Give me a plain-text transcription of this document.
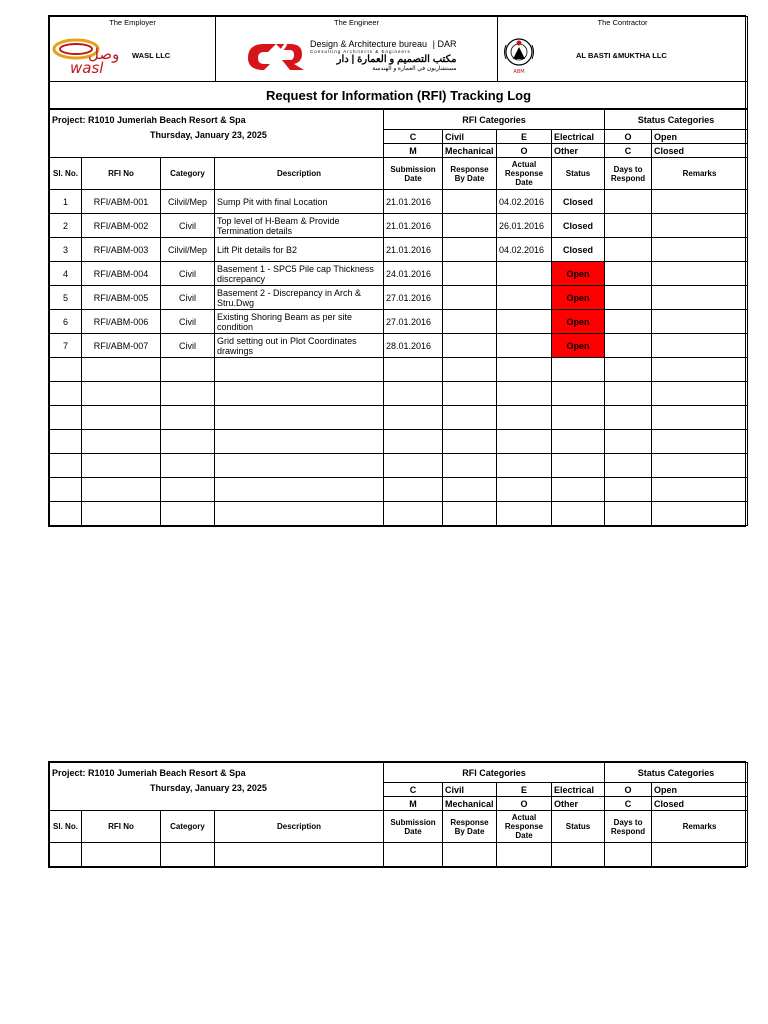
The Employer
وصل
wasl
WASL LLC

The Engineer
Design & Architecture bureau | DAR
Consulting Architects & Engineers
مكتب التصميم و العمارة | دار
مستشاريون في العمارة و الهندسة

The Contractor
ABM
AL BASTI &MUKTHA LLC

Request for Information (RFI) Tracking Log
Project: R1010 Jumeriah Beach Resort & Spa				RFI Categories				Status Categories	
Thursday, January 23, 2025				C	Civil	E	Electrical	O	Open
				M	Mechanical	O	Other	C	Closed
Sl. No.	RFI No	Category	Description	Submission Date	Response By Date	Actual Response Date	Status	Days to Respond	Remarks
1	RFI/ABM-001	Cilvil/Mep	Sump Pit with final Location	21.01.2016		04.02.2016	Closed		
2	RFI/ABM-002	Civil	Top level of H-Beam & Provide Termination details	21.01.2016		26.01.2016	Closed		
3	RFI/ABM-003	Cilvil/Mep	Lift Pit details for B2	21.01.2016		04.02.2016	Closed		
4	RFI/ABM-004	Civil	Basement 1 - SPC5 Pile cap Thickness discrepancy	24.01.2016			Open		
5	RFI/ABM-005	Civil	Basement 2 - Discrepancy in Arch & Stru.Dwg	27.01.2016			Open		
6	RFI/ABM-006	Civil	Existing Shoring Beam as per site condition	27.01.2016			Open		
7	RFI/ABM-007	Civil	Grid setting out in Plot Coordinates drawings	28.01.2016			Open		

Project: R1010 Jumeriah Beach Resort & Spa				RFI Categories				Status Categories	
Thursday, January 23, 2025				C	Civil	E	Electrical	O	Open
				M	Mechanical	O	Other	C	Closed
Sl. No.	RFI No	Category	Description	Submission Date	Response By Date	Actual Response Date	Status	Days to Respond	Remarks
